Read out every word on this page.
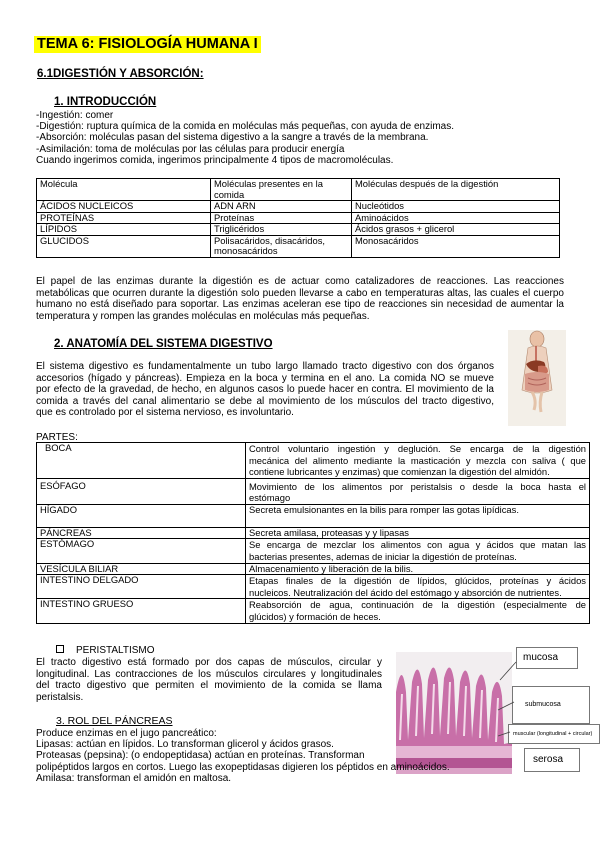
TEMA 6: FISIOLOGÍA HUMANA I
6.1DIGESTIÓN Y ABSORCIÓN:
1. INTRODUCCIÓN
-Ingestión: comer
-Digestión: ruptura química de la comida en moléculas más pequeñas, con ayuda de enzimas.
-Absorción: moléculas pasan del sistema digestivo a la sangre a través de la membrana.
-Asimilación: toma de moléculas por las células para producir energía
Cuando ingerimos comida, ingerimos principalmente 4 tipos de macromoléculas.
Molécula	Moléculas presentes en la comida	Moléculas después de la digestión
ÁCIDOS NUCLEICOS	ADN ARN	Nucleótidos
PROTEÍNAS	Proteínas	Aminoácidos
LÍPIDOS	Triglicéridos	Ácidos grasos + glicerol
GLUCIDOS	Polisacáridos, disacáridos, monosacáridos	Monosacáridos
El papel de las enzimas durante la digestión es de actuar como catalizadores de reacciones. Las reacciones
metabólicas que ocurren durante la digestión solo pueden llevarse a cabo en temperaturas altas, las cuales el cuerpo
humano no está diseñado para soportar. Las enzimas aceleran ese tipo de reacciones sin necesidad de aumentar la
temperatura y rompen las grandes moléculas en moléculas más pequeñas.
2. ANATOMÍA DEL SISTEMA DIGESTIVO
El sistema digestivo es fundamentalmente un tubo largo llamado tracto digestivo con dos órganos
accesorios (hígado y páncreas). Empieza en la boca y termina en el ano. La comida NO se mueve
por efecto de la gravedad, de hecho, en algunos casos lo puede hacer en contra. El movimiento de la
comida a través del canal alimentario se debe al movimiento de los músculos del tracto digestivo,
que es controlado por el sistema nervioso, es involuntario.
PARTES:
BOCA	Control voluntario ingestión y deglución. Se encarga de la digestión
mecánica del alimento mediante la masticación y mezcla con saliva ( que
contiene lubricantes y enzimas) que comienzan la digestión del almidón.

ESÓFAGO	Movimiento de los alimentos por peristalsis o desde la boca hasta el
estómago

HÍGADO	Secreta emulsionantes en la bilis para romper las gotas lipídicas.
PÁNCREAS	Secreta amilasa, proteasas y y lipasas
ESTÓMAGO	Se encarga de mezclar los alimentos con agua y ácidos que matan las
bacterias presentes, ademas de iniciar la digestión de proteínas.

VESÍCULA BILIAR	Almacenamiento y liberación de la bilis.
INTESTINO DELGADO	Etapas finales de la digestión de lípidos, glúcidos, proteínas y ácidos
nucleicos. Neutralización del ácido del estómago y absorción de nutrientes.

INTESTINO GRUESO	Reabsorción de agua, continuación de la digestión (especialmente de
glúcidos) y formación de heces.
PERISTALTISMO
El tracto digestivo está formado por dos capas de músculos, circular y
longitudinal. Las contracciones de los músculos circulares y longitudinales
del tracto digestivo que permiten el movimiento de la comida se llama
peristalsis.
mucosa
submucosa
muscular (longitudinal + circular)
serosa
3. ROL DEL PÁNCREAS
Produce enzimas en el jugo pancreático:
Lipasas: actúan en lípidos. Lo transforman glicerol y ácidos grasos.
Proteasas (pepsina): (o endopeptidasa) actúan en proteínas. Transforman
polipéptidos largos en cortos. Luego las exopeptidasas digieren los péptidos en aminoácidos.
Amilasa: transforman el amidón en maltosa.
